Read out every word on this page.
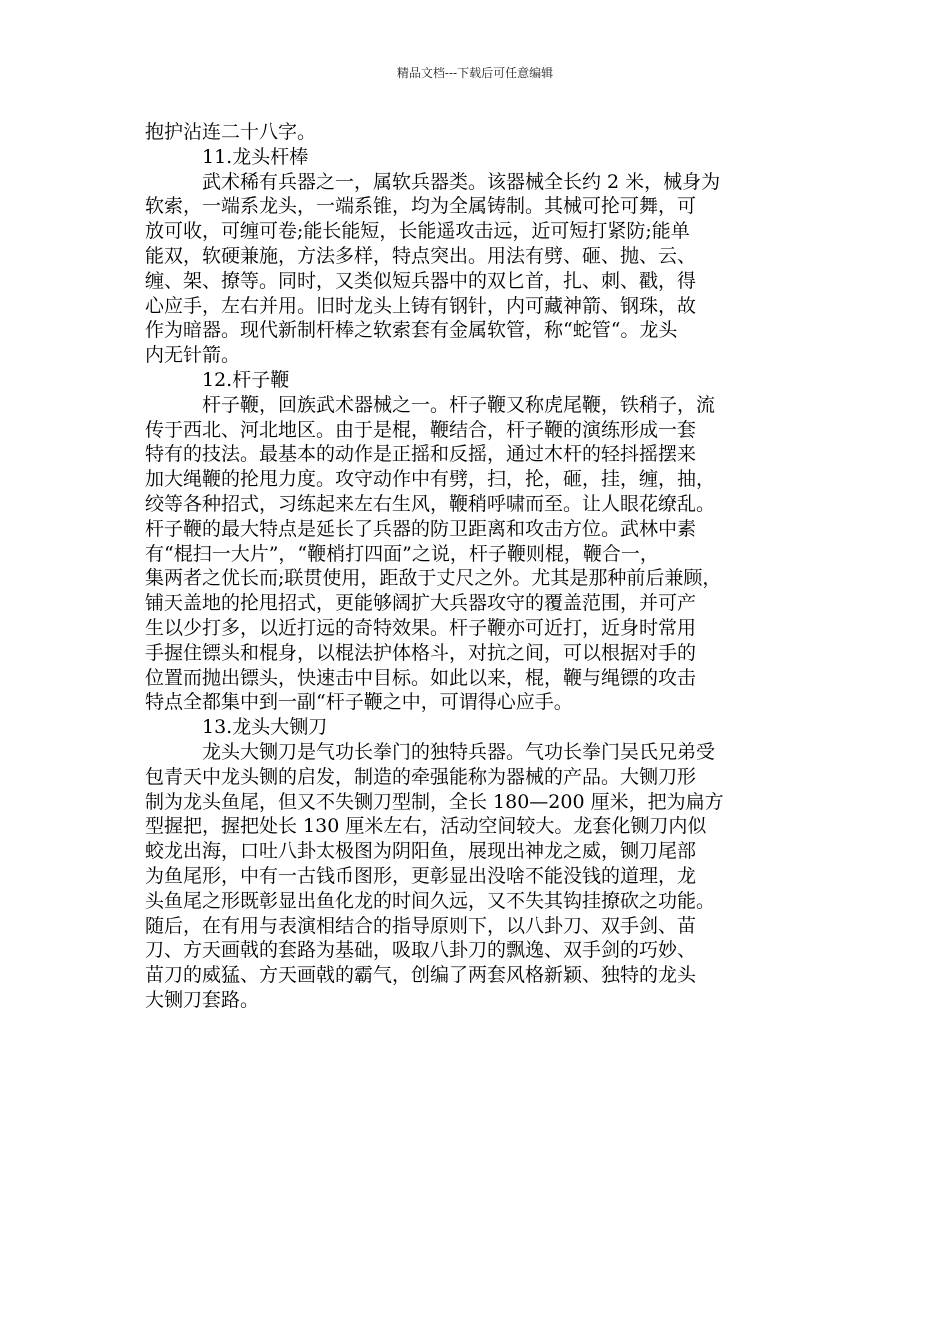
精品文档---下载后可任意编辑
抱护沾连二十八字。
11.龙头杆棒
武术稀有兵器之一，属软兵器类。该器械全长约 2 米，械身为
软索，一端系龙头，一端系锥，均为全属铸制。其械可抡可舞，可
放可收，可缠可卷;能长能短，长能遥攻击远，近可短打紧防;能单
能双，软硬兼施，方法多样，特点突出。用法有劈、砸、抛、云、
缠、架、撩等。同时，又类似短兵器中的双匕首，扎、刺、戳，得
心应手，左右并用。旧时龙头上铸有钢针，内可藏神箭、钢珠，故
作为暗器。现代新制杆棒之软索套有金属软管，称“蛇管“。龙头
内无针箭。
12.杆子鞭
杆子鞭，回族武术器械之一。杆子鞭又称虎尾鞭，铁稍子，流
传于西北、河北地区。由于是棍，鞭结合，杆子鞭的演练形成一套
特有的技法。最基本的动作是正摇和反摇，通过木杆的轻抖摇摆来
加大绳鞭的抡甩力度。攻守动作中有劈，扫，抡，砸，挂，缠，抽，
绞等各种招式，习练起来左右生风，鞭稍呼啸而至。让人眼花缭乱。
杆子鞭的最大特点是延长了兵器的防卫距离和攻击方位。武林中素
有“棍扫一大片”，“鞭梢打四面”之说，杆子鞭则棍，鞭合一，
集两者之优长而;联贯使用，距敌于丈尺之外。尤其是那种前后兼顾，
铺天盖地的抡甩招式，更能够阔扩大兵器攻守的覆盖范围，并可产
生以少打多，以近打远的奇特效果。杆子鞭亦可近打，近身时常用
手握住镖头和棍身，以棍法护体格斗，对抗之间，可以根据对手的
位置而抛出镖头，快速击中目标。如此以来，棍，鞭与绳镖的攻击
特点全都集中到一副“杆子鞭之中，可谓得心应手。
13.龙头大铡刀
龙头大铡刀是气功长拳门的独特兵器。气功长拳门吴氏兄弟受
包青天中龙头铡的启发，制造的牵强能称为器械的产品。大铡刀形
制为龙头鱼尾，但又不失铡刀型制，全长 180—200 厘米，把为扁方
型握把，握把处长 130 厘米左右，活动空间较大。龙套化铡刀内似
蛟龙出海，口吐八卦太极图为阴阳鱼，展现出神龙之威，铡刀尾部
为鱼尾形，中有一古钱币图形，更彰显出没啥不能没钱的道理，龙
头鱼尾之形既彰显出鱼化龙的时间久远，又不失其钩挂撩砍之功能。
随后，在有用与表演相结合的指导原则下，以八卦刀、双手剑、苗
刀、方天画戟的套路为基础，吸取八卦刀的飘逸、双手剑的巧妙、
苗刀的威猛、方天画戟的霸气，创编了两套风格新颖、独特的龙头
大铡刀套路。
